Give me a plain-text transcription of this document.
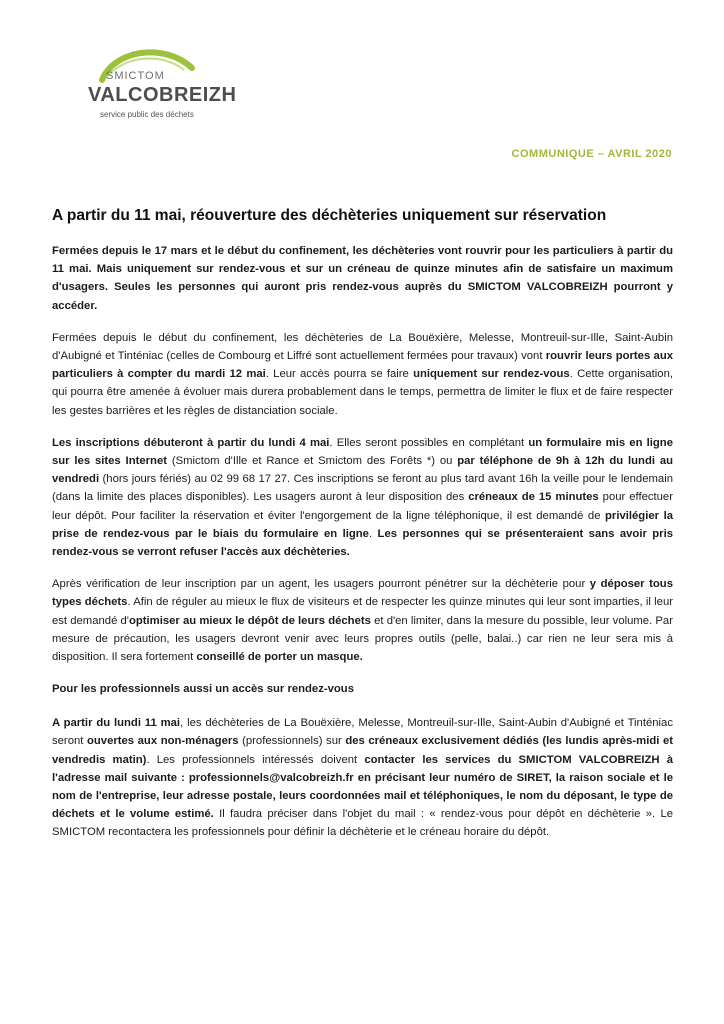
SMICTOM
VALCOBREIZH
service public des déchets
COMMUNIQUE – AVRIL 2020
A partir du 11 mai, réouverture des déchèteries uniquement sur réservation

Fermées depuis le 17 mars et le début du confinement, les déchèteries vont rouvrir pour les particuliers à partir du 11 mai. Mais uniquement sur rendez-vous et sur un créneau de quinze minutes afin de satisfaire un maximum d'usagers. Seules les personnes qui auront pris rendez-vous auprès du SMICTOM VALCOBREIZH pourront y accéder.

Fermées depuis le début du confinement, les déchèteries de La Bouëxière, Melesse, Montreuil-sur-Ille, Saint-Aubin d'Aubigné et Tinténiac (celles de Combourg et Liffré sont actuellement fermées pour travaux) vont rouvrir leurs portes aux particuliers à compter du mardi 12 mai. Leur accès pourra se faire uniquement sur rendez-vous. Cette organisation, qui pourra être amenée à évoluer mais durera probablement dans le temps, permettra de limiter le flux et de faire respecter les gestes barrières et les règles de distanciation sociale.

Les inscriptions débuteront à partir du lundi 4 mai. Elles seront possibles en complétant un formulaire mis en ligne sur les sites Internet (Smictom d'Ille et Rance et Smictom des Forêts *) ou par téléphone de 9h à 12h du lundi au vendredi (hors jours fériés) au 02 99 68 17 27. Ces inscriptions se feront au plus tard avant 16h la veille pour le lendemain (dans la limite des places disponibles). Les usagers auront à leur disposition des créneaux de 15 minutes pour effectuer leur dépôt. Pour faciliter la réservation et éviter l'engorgement de la ligne téléphonique, il est demandé de privilégier la prise de rendez-vous par le biais du formulaire en ligne. Les personnes qui se présenteraient sans avoir pris rendez-vous se verront refuser l'accès aux déchèteries.

Après vérification de leur inscription par un agent, les usagers pourront pénétrer sur la déchèterie pour y déposer tous types déchets. Afin de réguler au mieux le flux de visiteurs et de respecter les quinze minutes qui leur sont imparties, il leur est demandé d'optimiser au mieux le dépôt de leurs déchets et d'en limiter, dans la mesure du possible, leur volume. Par mesure de précaution, les usagers devront venir avec leurs propres outils (pelle, balai..) car rien ne leur sera mis à disposition. Il sera fortement conseillé de porter un masque.

Pour les professionnels aussi un accès sur rendez-vous

A partir du lundi 11 mai, les déchèteries de La Bouëxière, Melesse, Montreuil-sur-Ille, Saint-Aubin d'Aubigné et Tinténiac seront ouvertes aux non-ménagers (professionnels) sur des créneaux exclusivement dédiés (les lundis après-midi et vendredis matin). Les professionnels intéressés doivent contacter les services du SMICTOM VALCOBREIZH à l'adresse mail suivante : professionnels@valcobreizh.fr en précisant leur numéro de SIRET, la raison sociale et le nom de l'entreprise, leur adresse postale, leurs coordonnées mail et téléphoniques, le nom du déposant, le type de déchets et le volume estimé. Il faudra préciser dans l'objet du mail : « rendez-vous pour dépôt en déchèterie ». Le SMICTOM recontactera les professionnels pour définir la déchèterie et le créneau horaire du dépôt.
